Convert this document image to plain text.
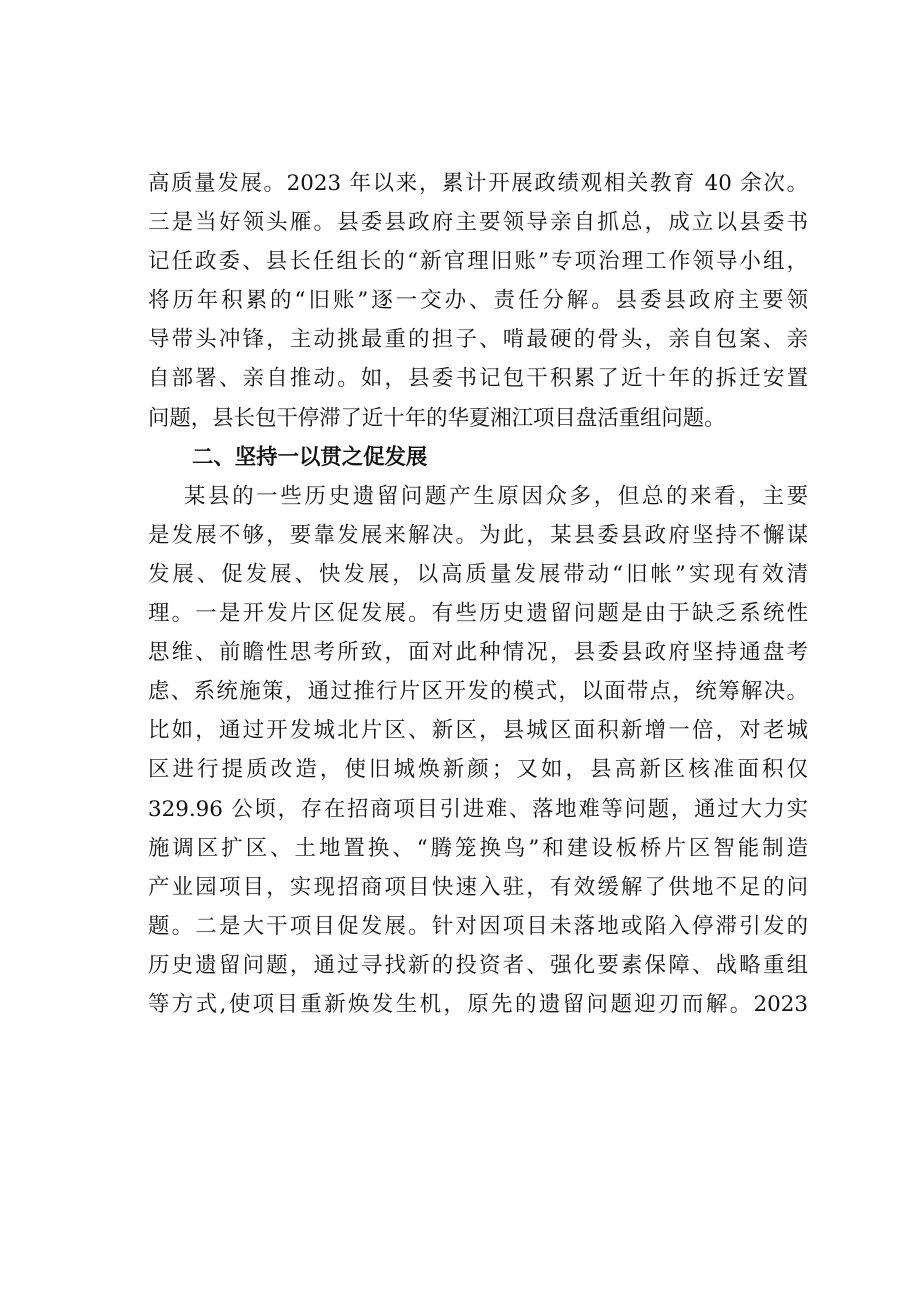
高质量发展。2023 年以来，累计开展政绩观相关教育 40 余次。
三是当好领头雁。县委县政府主要领导亲自抓总，成立以县委书
记任政委、县长任组长的“新官理旧账”专项治理工作领导小组，
将历年积累的“旧账”逐一交办、责任分解。县委县政府主要领
导带头冲锋，主动挑最重的担子、啃最硬的骨头，亲自包案、亲
自部署、亲自推动。如，县委书记包干积累了近十年的拆迁安置
问题，县长包干停滞了近十年的华夏湘江项目盘活重组问题。
二、坚持一以贯之促发展
某县的一些历史遗留问题产生原因众多，但总的来看，主要
是发展不够，要靠发展来解决。为此，某县委县政府坚持不懈谋
发展、促发展、快发展，以高质量发展带动“旧帐”实现有效清
理。一是开发片区促发展。有些历史遗留问题是由于缺乏系统性
思维、前瞻性思考所致，面对此种情况，县委县政府坚持通盘考
虑、系统施策，通过推行片区开发的模式，以面带点，统筹解决。
比如，通过开发城北片区、新区，县城区面积新增一倍，对老城
区进行提质改造，使旧城焕新颜；又如，县高新区核准面积仅
329.96 公顷，存在招商项目引进难、落地难等问题，通过大力实
施调区扩区、土地置换、“腾笼换鸟”和建设板桥片区智能制造
产业园项目，实现招商项目快速入驻，有效缓解了供地不足的问
题。二是大干项目促发展。针对因项目未落地或陷入停滞引发的
历史遗留问题，通过寻找新的投资者、强化要素保障、战略重组
等方式,使项目重新焕发生机，原先的遗留问题迎刃而解。2023
